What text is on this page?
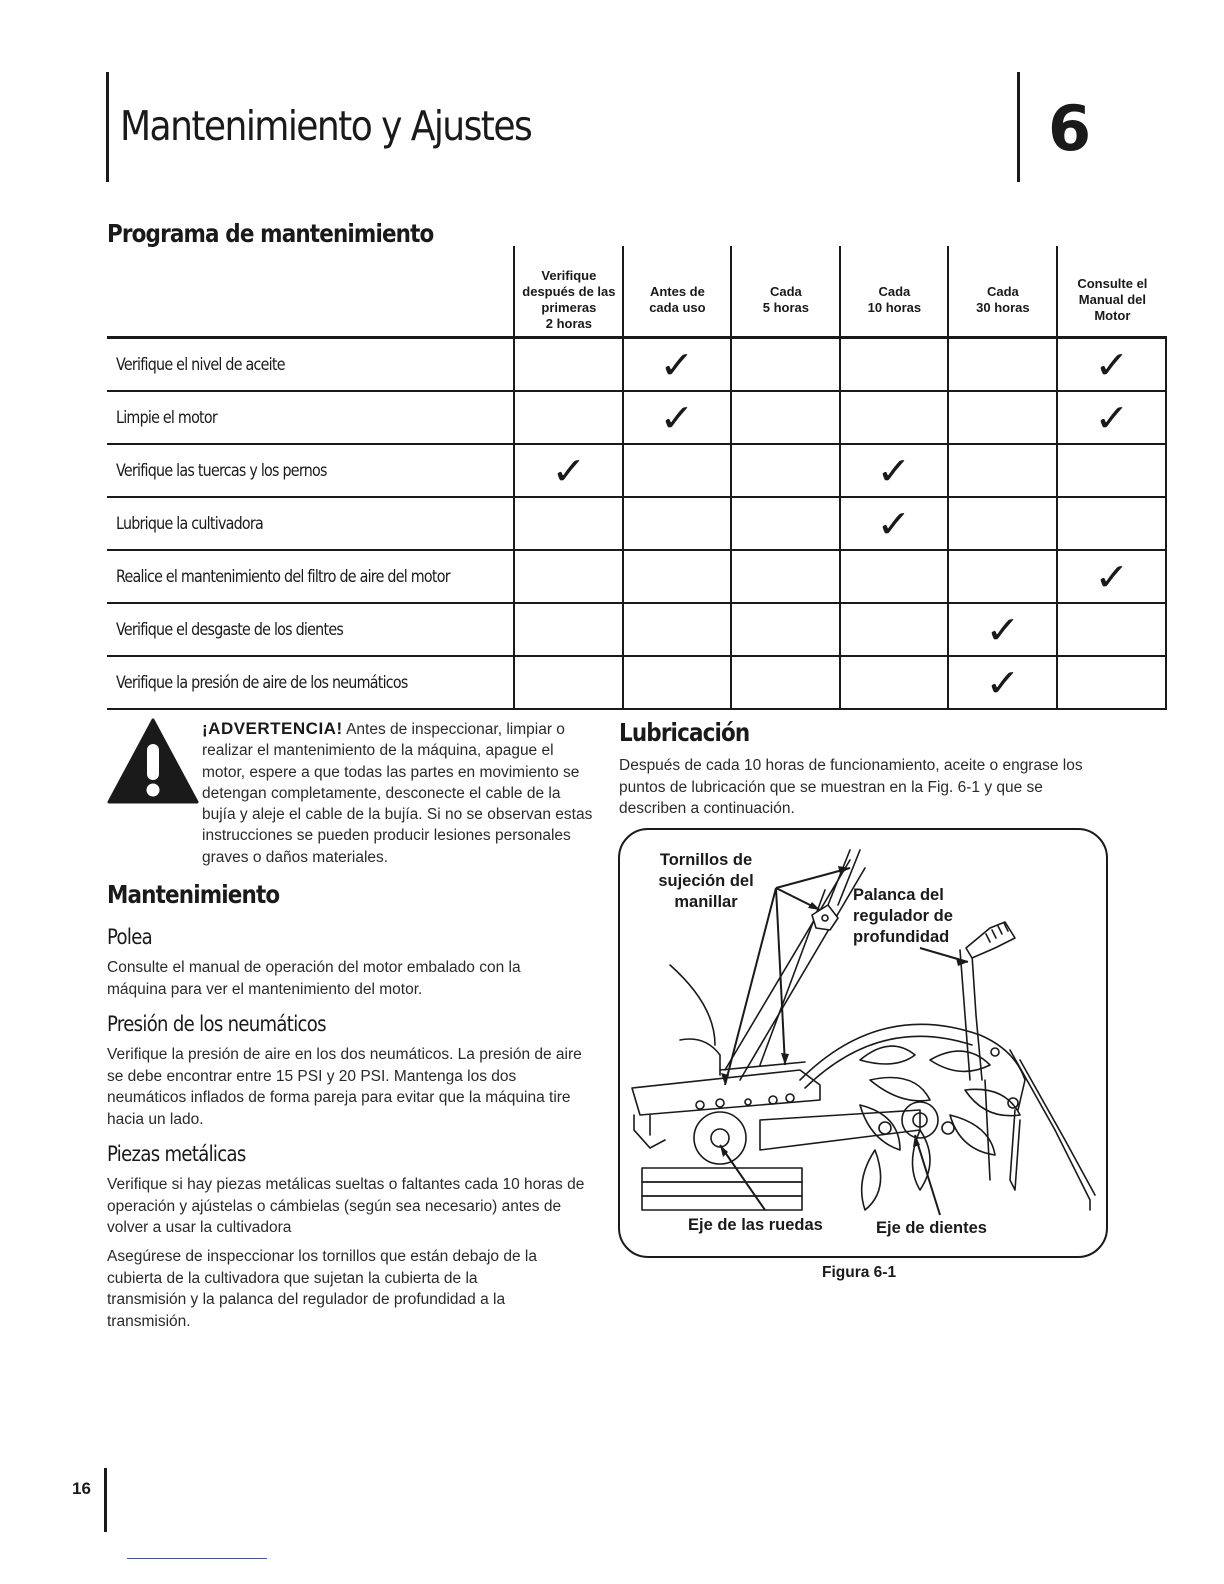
Mantenimiento y Ajustes	6
Programa de mantenimiento
	Verifique
después de las
primeras
2 horas	Antes de
cada uso	Cada
5 horas	Cada
10 horas	Cada
30 horas	Consulte el
Manual del
Motor
Verifique el nivel de aceite		✓				✓
Limpie el motor		✓				✓
Verifique las tuercas y los pernos	✓			✓		
Lubrique la cultivadora				✓		
Realice el mantenimiento del filtro de aire del motor						✓
Verifique el desgaste de los dientes					✓	
Verifique la presión de aire de los neumáticos					✓	

¡ADVERTENCIA! Antes de inspeccionar, limpiar o realizar el mantenimiento de la máquina, apague el motor, espere a que todas las partes en movimiento se detengan completamente, desconecte el cable de la bujía y aleje el cable de la bujía. Si no se observan estas instrucciones se pueden producir lesiones personales graves o daños materiales.

Mantenimiento
Polea

Consulte el manual de operación del motor embalado con la máquina para ver el mantenimiento del motor.

Presión de los neumáticos

Verifique la presión de aire en los dos neumáticos. La presión de aire se debe encontrar entre 15 PSI y 20 PSI. Mantenga los dos neumáticos inflados de forma pareja para evitar que la máquina tire hacia un lado.

Piezas metálicas

Verifique si hay piezas metálicas sueltas o faltantes cada 10 horas de operación y ajústelas o cámbielas (según sea necesario) antes de volver a usar la cultivadora

Asegúrese de inspeccionar los tornillos que están debajo de la cubierta de la cultivadora que sujetan la cubierta de la transmisión y la palanca del regulador de profundidad a la transmisión.

Lubricación

Después de cada 10 horas de funcionamiento, aceite o engrase los puntos de lubricación que se muestran en la Fig. 6-1 y que se describen a continuación.

Tornillos de sujeción del manillar	Palanca del regulador de profundidad
Eje de las ruedas	Eje de dientes
Figura 6-1
16
